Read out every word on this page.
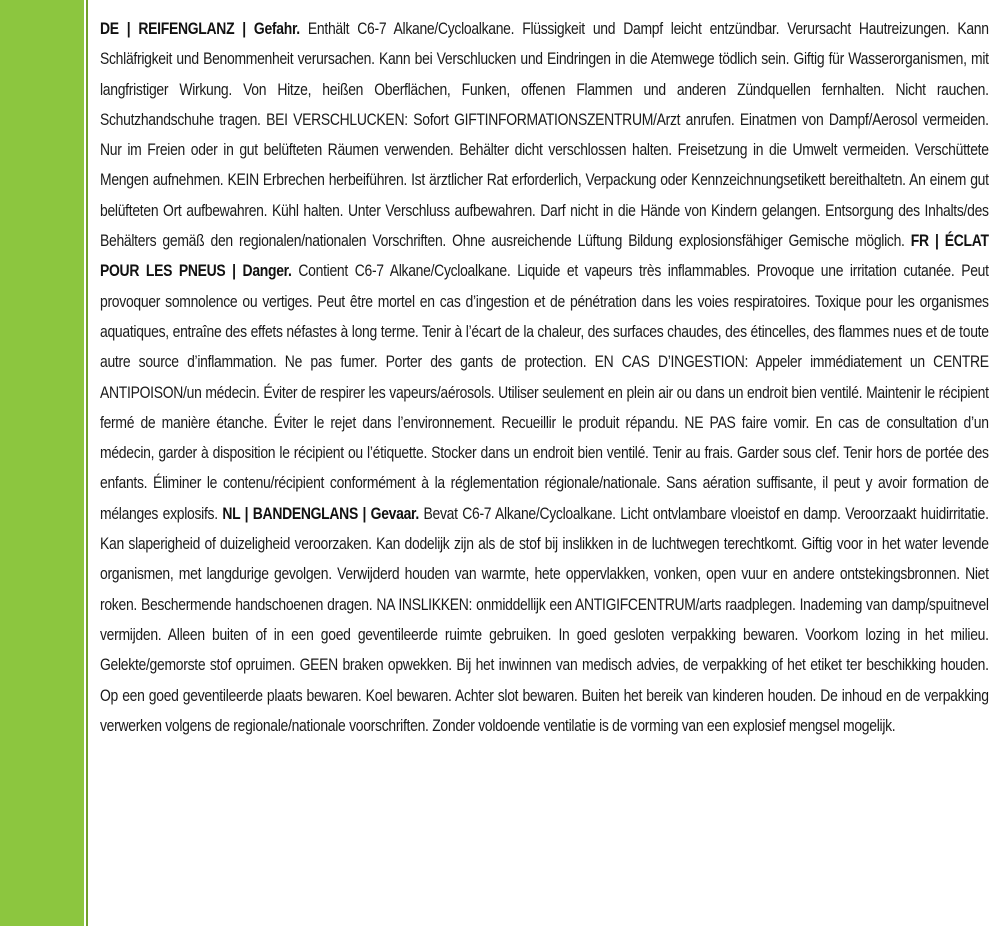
DE | REIFENGLANZ | Gefahr. Enthält C6-7 Alkane/Cycloalkane. Flüssigkeit und Dampf leicht entzündbar. Verursacht Hautreizungen. Kann Schläfrigkeit und Benommenheit verursachen. Kann bei Verschlucken und Eindringen in die Atemwege tödlich sein. Giftig für Wasserorganismen, mit langfristiger Wirkung. Von Hitze, heißen Oberflächen, Funken, offenen Flammen und anderen Zündquellen fernhalten. Nicht rauchen. Schutzhandschuhe tragen. BEI VERSCHLUCKEN: Sofort GIFTINFORMATIONSZENTRUM/Arzt anrufen. Einatmen von Dampf/Aerosol vermeiden. Nur im Freien oder in gut belüfteten Räumen verwenden. Behälter dicht verschlossen halten. Freisetzung in die Umwelt vermeiden. Verschüttete Mengen aufnehmen. KEIN Erbrechen herbeiführen. Ist ärztlicher Rat erforderlich, Verpackung oder Kennzeichnungsetikett bereithaltetn. An einem gut belüfteten Ort aufbewahren. Kühl halten. Unter Verschluss aufbewahren. Darf nicht in die Hände von Kindern gelangen. Entsorgung des Inhalts/des Behälters gemäß den regionalen/nationalen Vorschriften. Ohne ausreichende Lüftung Bildung explosionsfähiger Gemische möglich. FR | ÉCLAT POUR LES PNEUS | Danger. Contient C6-7 Alkane/Cycloalkane. Liquide et vapeurs très inflammables. Provoque une irritation cutanée. Peut provoquer somnolence ou vertiges. Peut être mortel en cas d’ingestion et de pénétration dans les voies respiratoires. Toxique pour les organismes aquatiques, entraîne des effets néfastes à long terme. Tenir à l’écart de la chaleur, des surfaces chaudes, des étincelles, des flammes nues et de toute autre source d’inflammation. Ne pas fumer. Porter des gants de protection. EN CAS D’INGESTION: Appeler immédiatement un CENTRE ANTIPOISON/un médecin. Éviter de respirer les vapeurs/aérosols. Utiliser seulement en plein air ou dans un endroit bien ventilé. Maintenir le récipient fermé de manière étanche. Éviter le rejet dans l’environnement. Recueillir le produit répandu. NE PAS faire vomir. En cas de consultation d’un médecin, garder à disposition le récipient ou l’étiquette. Stocker dans un endroit bien ventilé. Tenir au frais. Garder sous clef. Tenir hors de portée des enfants. Éliminer le contenu/récipient conformément à la réglementation régionale/nationale. Sans aération suffisante, il peut y avoir formation de mélanges explosifs. NL | BANDENGLANS | Gevaar. Bevat C6-7 Alkane/Cycloalkane. Licht ontvlambare vloeistof en damp. Veroorzaakt huidirritatie. Kan slaperigheid of duizeligheid veroorzaken. Kan dodelijk zijn als de stof bij inslikken in de luchtwegen terechtkomt. Giftig voor in het water levende organismen, met langdurige gevolgen. Verwijderd houden van warmte, hete oppervlakken, vonken, open vuur en andere ontstekingsbronnen. Niet roken. Beschermende handschoenen dragen. NA INSLIKKEN: onmiddellijk een ANTIGIFCENTRUM/arts raadplegen. Inademing van damp/spuitnevel vermijden. Alleen buiten of in een goed geventileerde ruimte gebruiken. In goed gesloten verpakking bewaren. Voorkom lozing in het milieu. Gelekte/gemorste stof opruimen. GEEN braken opwekken. Bij het inwinnen van medisch advies, de verpakking of het etiket ter beschikking houden. Op een goed geventileerde plaats bewaren. Koel bewaren. Achter slot bewaren. Buiten het bereik van kinderen houden. De inhoud en de verpakking verwerken volgens de regionale/nationale voorschriften. Zonder voldoende ventilatie is de vorming van een explosief mengsel mogelijk.
